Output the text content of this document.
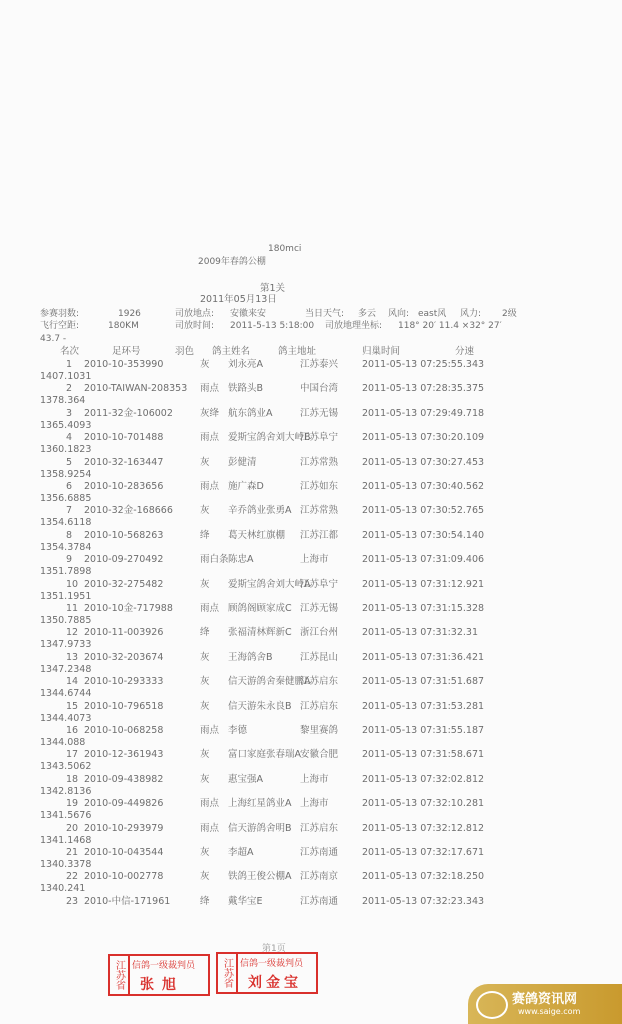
180mci
2009年春鸽公棚
第1关
2011年05月13日
参赛羽数:	1926	司放地点: 安徽来安	当日天气: 多云 风向: east风 风力: 2级
飞行空距:	180KM	司放时间: 2011-5-13 5:18:00 司放地理坐标: 118° 20′ 11.4 ×32° 27′
43.7 -
名次	足环号	羽色 鸽主姓名	鸽主地址	归巢时间	分速
1 2010-10-353990	灰 刘永亮A	江苏泰兴	2011-05-13 07:25:55.343
1407.1031
2 2010-TAIWAN-208353 雨点 铁路头B	中国台湾	2011-05-13 07:28:35.375
1378.364
3 2011-32金-106002	灰绛 航东鸽业A	江苏无锡	2011-05-13 07:29:49.718
1365.4093
4 2010-10-701488	雨点 爱斯宝鸽舍刘大岭B
江苏阜宁	2011-05-13 07:30:20.109
1360.1823
5 2010-32-163447	灰 彭健清	江苏常熟	2011-05-13 07:30:27.453
1358.9254
6 2010-10-283656	雨点 施广森D	江苏如东	2011-05-13 07:30:40.562
1356.6885
7 2010-32金-168666	灰 辛乔鸽业张勇A 江苏常熟	2011-05-13 07:30:52.765
1354.6118
8 2010-10-568263	绛 葛天林红旗棚 江苏江都	2011-05-13 07:30:54.140
1354.3784
9 2010-09-270492	雨白条 陈忠A	上海市	2011-05-13 07:31:09.406
1351.7898
10 2010-32-275482	灰 爱斯宝鸽舍刘大岭A
江苏阜宁	2011-05-13 07:31:12.921
1351.1951
11 2010-10金-717988	雨点 顾鸽阁顾家成C 江苏无锡	2011-05-13 07:31:15.328
1350.7885
12 2010-11-003926	绛 张福清林辉新C 浙江台州	2011-05-13 07:31:32.31
1347.9733
13 2010-32-203674	灰 王海鸽舍B	江苏昆山	2011-05-13 07:31:36.421
1347.2348
14 2010-10-293333	灰 信天游鸽舍秦健鹏A
江苏启东	2011-05-13 07:31:51.687
1344.6744
15 2010-10-796518	灰 信天游朱永良B 江苏启东	2011-05-13 07:31:53.281
1344.4073
16 2010-10-068258	雨点 李德	黎里赛鸽	2011-05-13 07:31:55.187
1344.088
17 2010-12-361943	灰 富口家庭张春瑞A 安徽合肥	2011-05-13 07:31:58.671
1343.5062
18 2010-09-438982	灰 惠宝强A	上海市	2011-05-13 07:32:02.812
1342.8136
19 2010-09-449826	雨点 上海红星鸽业A 上海市	2011-05-13 07:32:10.281
1341.5676
20 2010-10-293979	雨点 信天游鸽舍明B 江苏启东	2011-05-13 07:32:12.812
1341.1468
21 2010-10-043544	灰 李超A	江苏南通	2011-05-13 07:32:17.671
1340.3378
22 2010-10-002778	灰 铁鸽王俊公棚A 江苏南京	2011-05-13 07:32:18.250
1340.241
23 2010-中信-171961	绛 戴华宝E	江苏南通	2011-05-13 07:32:23.343
第1页
江苏省 信鸽一级裁判员
张旭	江苏省 信鸽一级裁判员
刘金宝
赛鸽资讯网
www.saige.com
